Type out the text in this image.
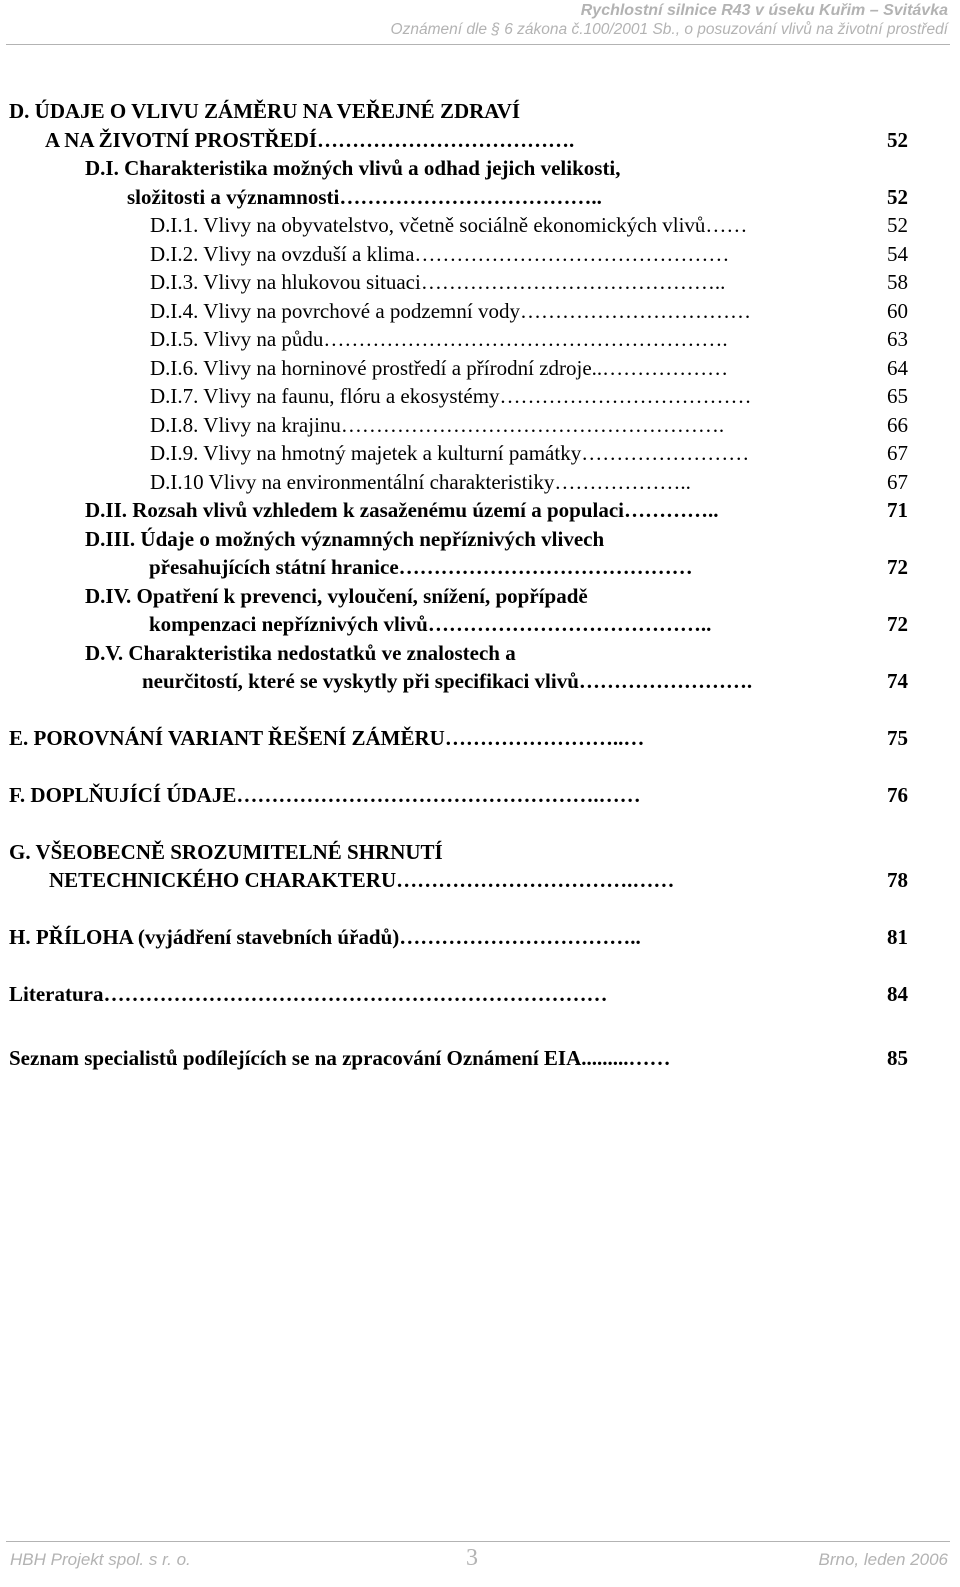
Rychlostní silnice R43 v úseku Kuřim – Svitávka
Oznámení dle § 6 zákona č.100/2001 Sb., o posuzování vlivů na životní prostředí
D. ÚDAJE O VLIVU ZÁMĚRU NA VEŘEJNÉ ZDRAVÍ
A NA ŽIVOTNÍ PROSTŘEDÍ……………………………….	52
D.I. Charakteristika možných vlivů a odhad jejich velikosti,
složitosti a významnosti………………………………..	52
D.I.1. Vlivy na obyvatelstvo, včetně sociálně ekonomických vlivů……	52
D.I.2. Vlivy na ovzduší a klima………………………………………	54
D.I.3. Vlivy na hlukovou situaci……………………………………..	58
D.I.4. Vlivy na povrchové a podzemní vody……………………………	60
D.I.5. Vlivy na půdu………………………………………………….	63
D.I.6. Vlivy na horninové prostředí a přírodní zdroje..………………	64
D.I.7. Vlivy na faunu, flóru a ekosystémy………………………………	65
D.I.8. Vlivy na krajinu……………………………………………….	66
D.I.9. Vlivy na hmotný majetek a kulturní památky……………………	67
D.I.10 Vlivy na environmentální charakteristiky………………..	67
D.II. Rozsah vlivů vzhledem k zasaženému území a populaci…………..	71
D.III. Údaje o možných významných nepříznivých vlivech
přesahujících státní hranice……………………………………	72
D.IV. Opatření k prevenci, vyloučení, snížení, popřípadě
kompenzaci nepříznivých vlivů…………………………………..	72
D.V. Charakteristika nedostatků ve znalostech a
neurčitostí, které se vyskytly při specifikaci vlivů…………………….	74
E. POROVNÁNÍ VARIANT ŘEŠENÍ ZÁMĚRU……………………..…	75
F. DOPLŇUJÍCÍ ÚDAJE…………………………………………….……	76
G. VŠEOBECNĚ SROZUMITELNÉ SHRNUTÍ
NETECHNICKÉHO CHARAKTERU…………………………….……	78
H. PŘÍLOHA (vyjádření stavebních úřadů)……………………………..	81
Literatura………………………………………………………………	84
Seznam specialistů podílejících se na zpracování Oznámení EIA.........……	85
HBH Projekt spol. s r. o.	3	Brno, leden 2006
